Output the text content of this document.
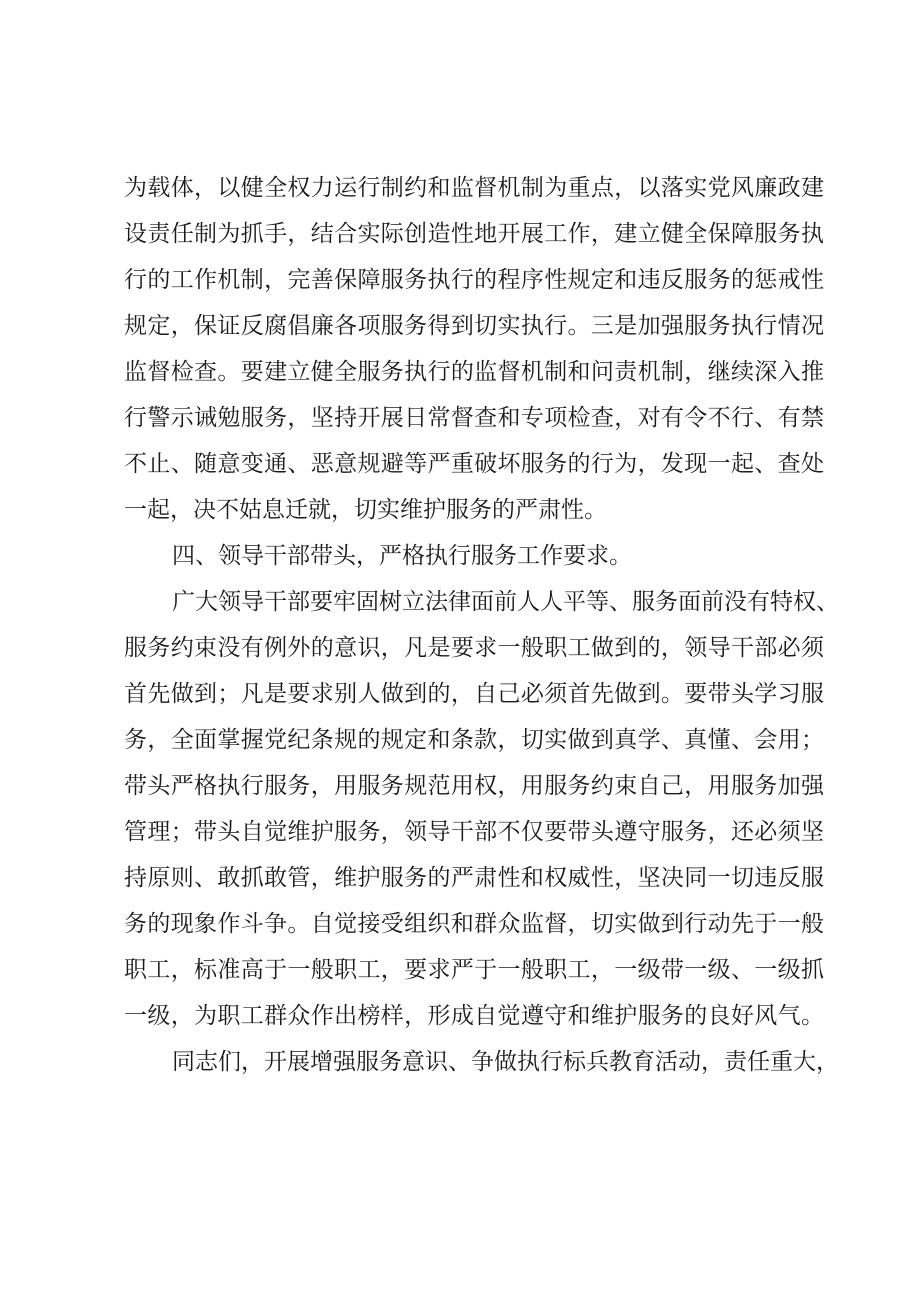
为载体，以健全权力运行制约和监督机制为重点，以落实党风廉政建
设责任制为抓手，结合实际创造性地开展工作，建立健全保障服务执
行的工作机制，完善保障服务执行的程序性规定和违反服务的惩戒性
规定，保证反腐倡廉各项服务得到切实执行。三是加强服务执行情况
监督检查。要建立健全服务执行的监督机制和问责机制，继续深入推
行警示诫勉服务，坚持开展日常督查和专项检查，对有令不行、有禁
不止、随意变通、恶意规避等严重破坏服务的行为，发现一起、查处
一起，决不姑息迁就，切实维护服务的严肃性。
四、领导干部带头，严格执行服务工作要求。
广大领导干部要牢固树立法律面前人人平等、服务面前没有特权、
服务约束没有例外的意识，凡是要求一般职工做到的，领导干部必须
首先做到；凡是要求别人做到的，自己必须首先做到。要带头学习服
务，全面掌握党纪条规的规定和条款，切实做到真学、真懂、会用；
带头严格执行服务，用服务规范用权，用服务约束自己，用服务加强
管理；带头自觉维护服务，领导干部不仅要带头遵守服务，还必须坚
持原则、敢抓敢管，维护服务的严肃性和权威性，坚决同一切违反服
务的现象作斗争。自觉接受组织和群众监督，切实做到行动先于一般
职工，标准高于一般职工，要求严于一般职工，一级带一级、一级抓
一级，为职工群众作出榜样，形成自觉遵守和维护服务的良好风气。
同志们，开展增强服务意识、争做执行标兵教育活动，责任重大，
